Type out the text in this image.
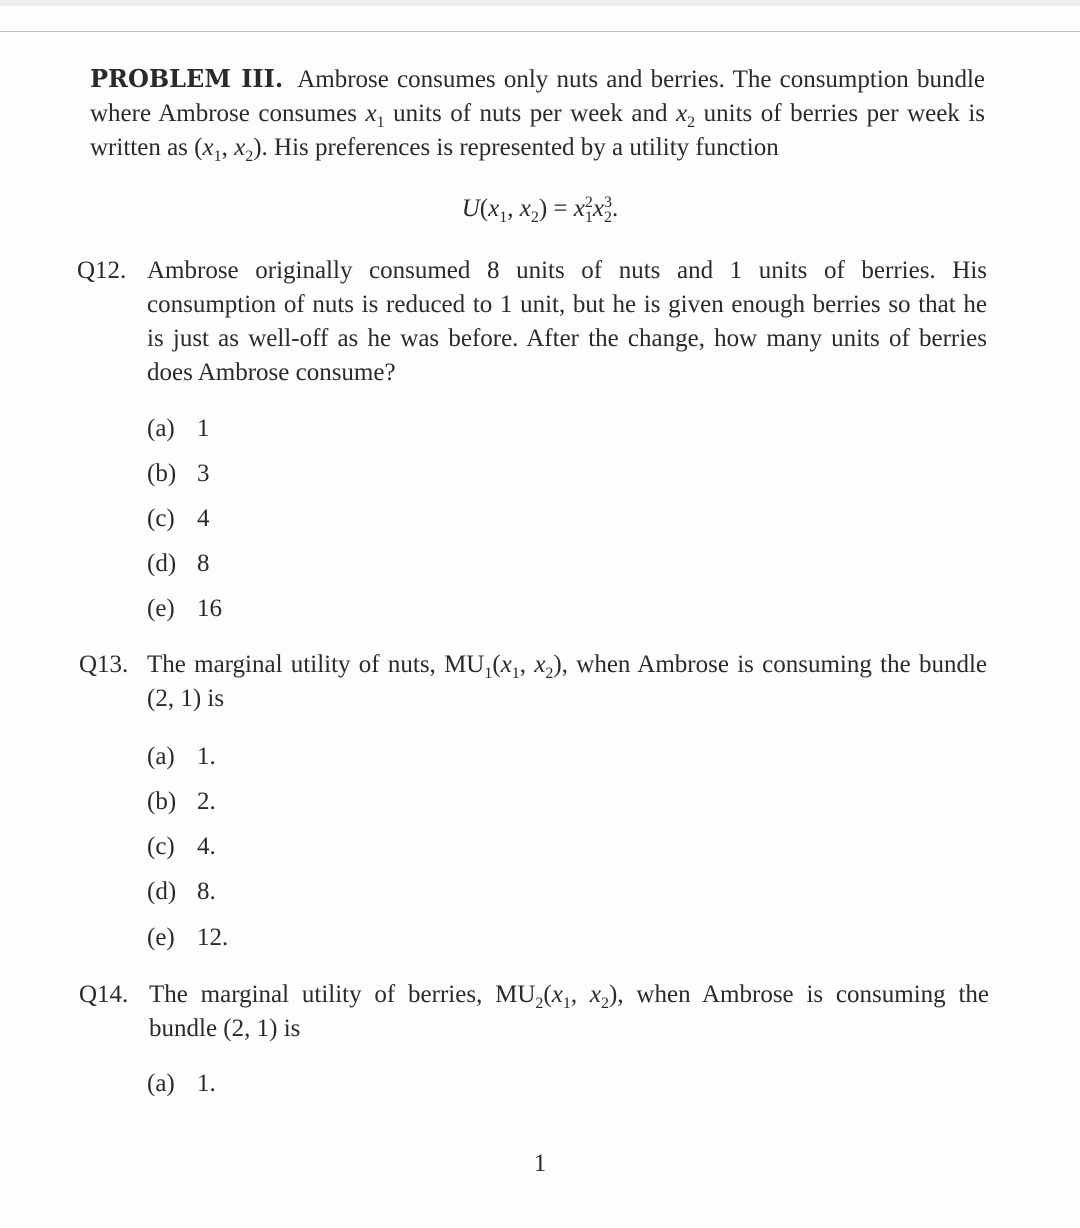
PROBLEM III. Ambrose consumes only nuts and berries. The consumption bundle where Ambrose consumes $x_1$ units of nuts per week and $x_2$ units of berries per week is written as ($x_1$, $x_2$). His preferences is represented by a utility function
$U(x_1$, $x_2) = x_1^2x_2^3$.
Q12. Ambrose originally consumed 8 units of nuts and 1 units of berries. His consumption of nuts is reduced to 1 unit, but he is given enough berries so that he is just as well-off as he was before. After the change, how many units of berries does Ambrose consume?
(a) 1
(b) 3
(c) 4
(d) 8
(e) 16
Q13. The marginal utility of nuts, $MU_1(x_1$, $x_2$), when Ambrose is consuming the bundle (2, 1) is
(a) 1.
(b) 2.
(c) 4.
(d) 8.
(e) 12.
Q14. The marginal utility of berries, $MU_2(x_1$, $x_2$), when Ambrose is consuming the bundle (2, 1) is
(a) 1.
1
